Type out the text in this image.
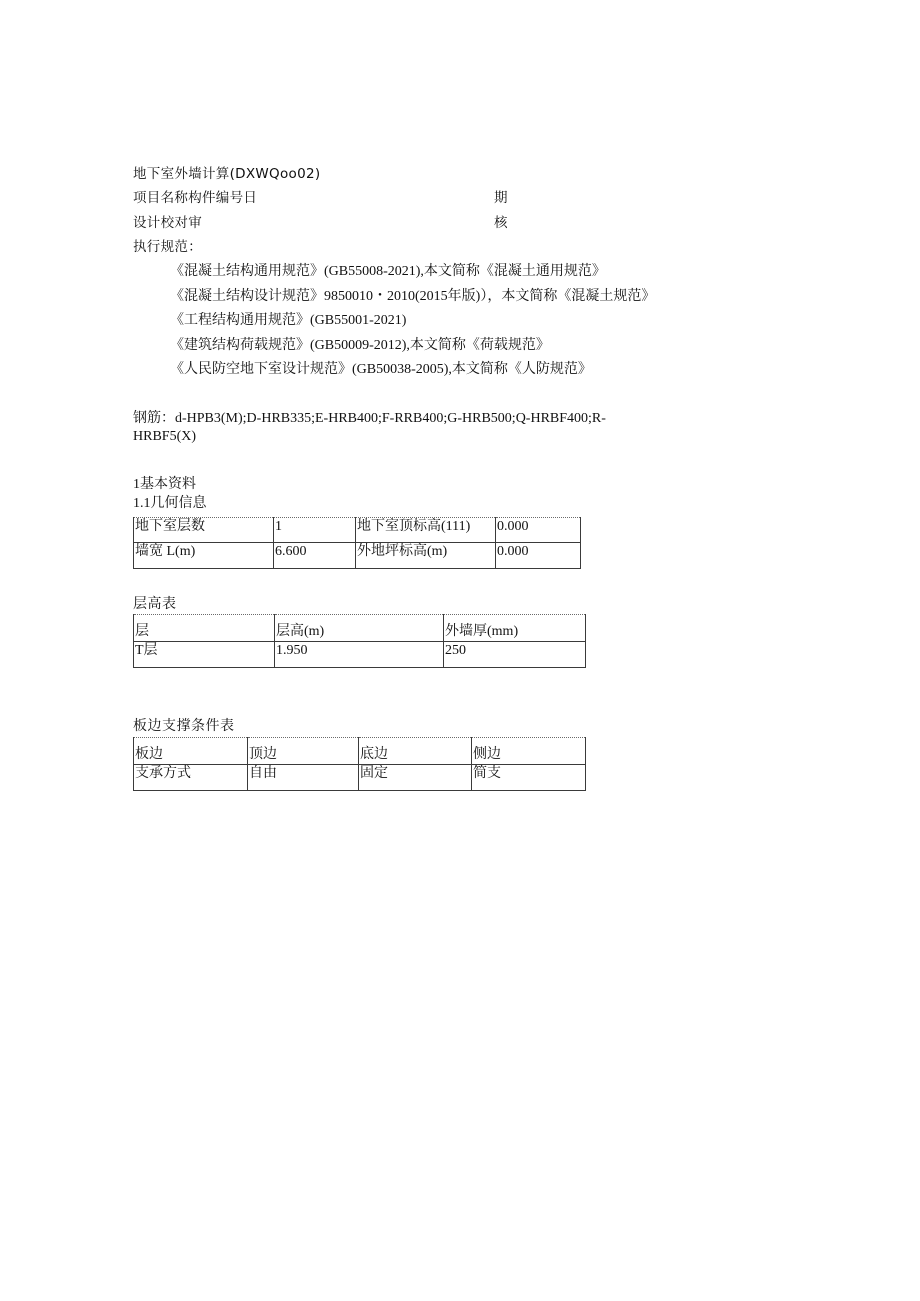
地下室外墙计算(DXWQoo02)
项目名称构件编号日	期
设计校对审	核
执行规范：
《混凝土结构通用规范》(GB55008-2021),本文简称《混凝土通用规范》
《混凝土结构设计规范》9850010・2010(2015年版)），本文简称《混凝土规范》
《工程结构通用规范》(GB55001-2021)
《建筑结构荷载规范》(GB50009-2012),本文简称《荷载规范》
《人民防空地下室设计规范》(GB50038-2005),本文简称《人防规范》
钢筋：d-HPB3(M);D-HRB335;E-HRB400;F-RRB400;G-HRB500;Q-HRBF400;R-
HRBF5(X)
1基本资料
1.1几何信息
地下室层数	1	地下室顶标高(111)	0.000
墙宽 L(m)	6.600	外地坪标高(m)	0.000
层高表
层	层高(m)	外墙厚(mm)
T层	1.950	250
板边支撑条件表
板边	顶边	底边	侧边
支承方式	自由	固定	简支
